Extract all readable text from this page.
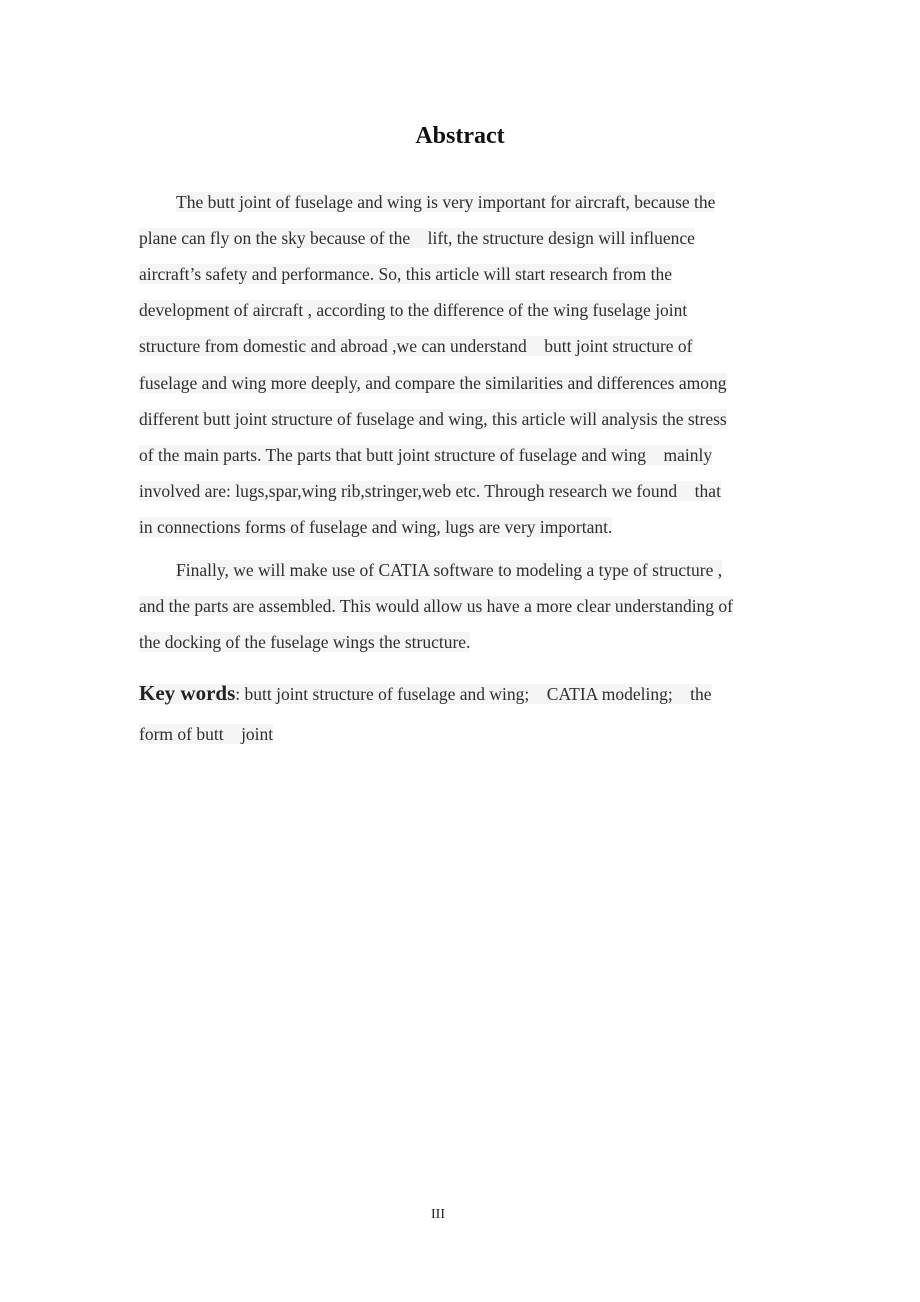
Abstract
The butt joint of fuselage and wing is very important for aircraft, because the
plane can fly on the sky because of the    lift, the structure design will influence
aircraft’s safety and performance. So, this article will start research from the
development of aircraft , according to the difference of the wing fuselage joint
structure from domestic and abroad ,we can understand    butt joint structure of
fuselage and wing more deeply, and compare the similarities and differences among
different butt joint structure of fuselage and wing, this article will analysis the stress
of the main parts. The parts that butt joint structure of fuselage and wing    mainly
involved are: lugs,spar,wing rib,stringer,web etc. Through research we found    that
in connections forms of fuselage and wing, lugs are very important.
Finally, we will make use of CATIA software to modeling a type of structure ,
and the parts are assembled. This would allow us have a more clear understanding of
the docking of the fuselage wings the structure.
Key words: butt joint structure of fuselage and wing;    CATIA modeling;    the
form of butt    joint
III
